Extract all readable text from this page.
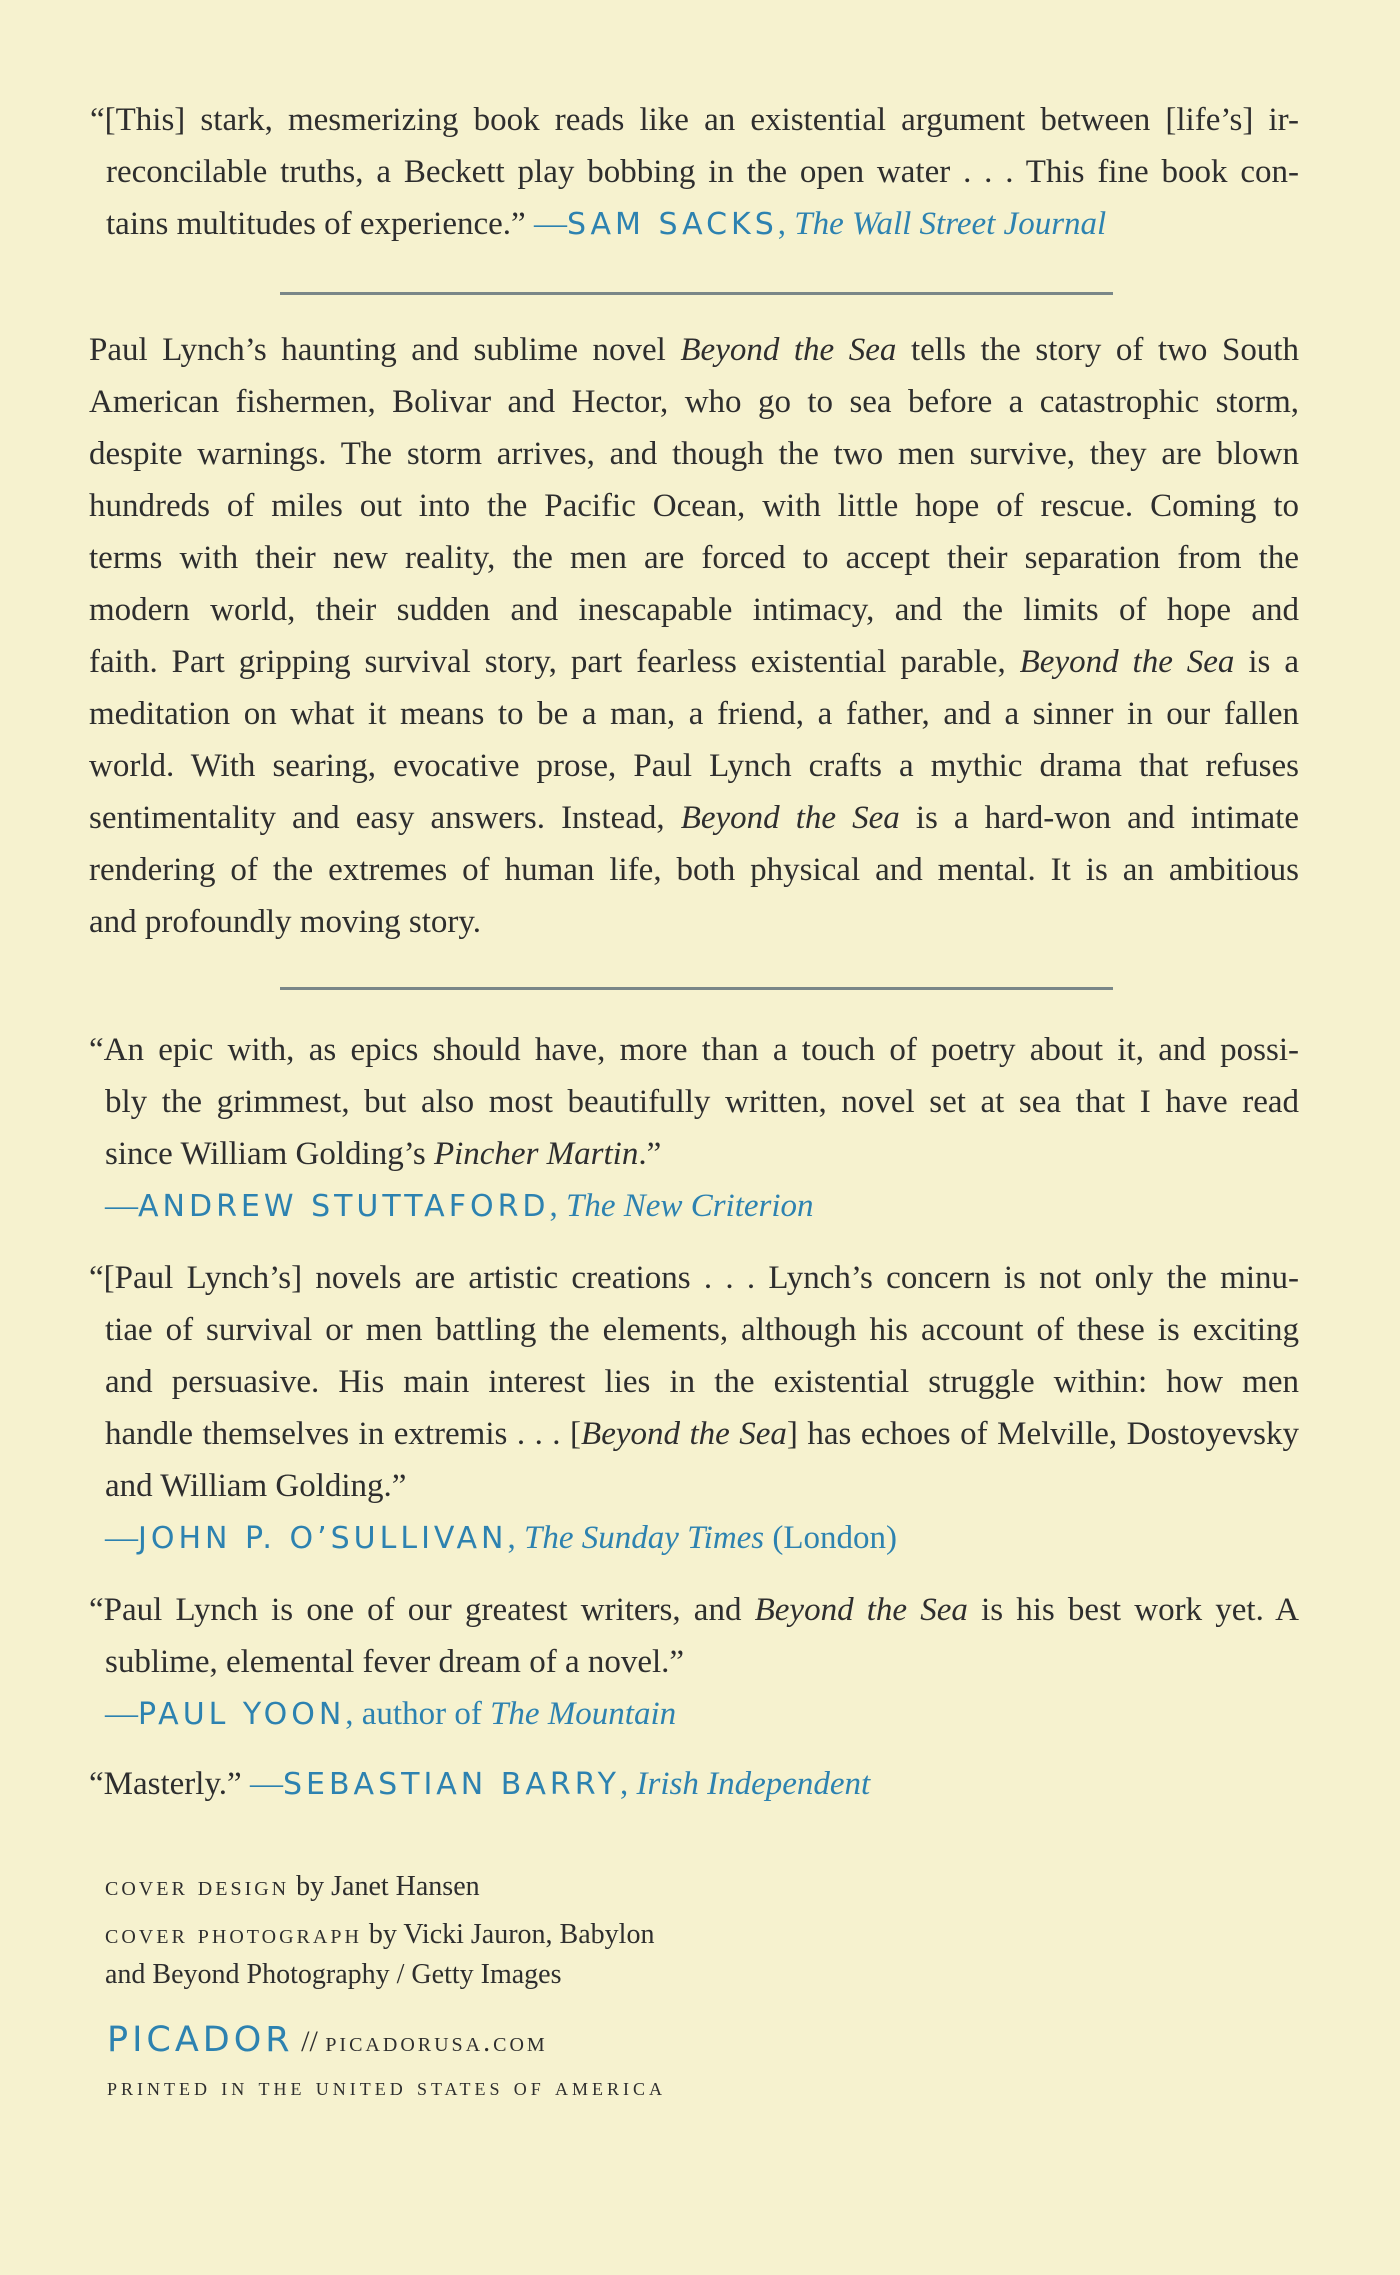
“[This] stark, mesmerizing book reads like an existential argument between [life’s] ir-
reconcilable truths, a Beckett play bobbing in the open water . . . This fine book con-
tains multitudes of experience.” —SAM SACKS, The Wall Street Journal
Paul Lynch’s haunting and sublime novel Beyond the Sea tells the story of two South
American fishermen, Bolivar and Hector, who go to sea before a catastrophic storm,
despite warnings. The storm arrives, and though the two men survive, they are blown
hundreds of miles out into the Pacific Ocean, with little hope of rescue. Coming to
terms with their new reality, the men are forced to accept their separation from the
modern world, their sudden and inescapable intimacy, and the limits of hope and
faith. Part gripping survival story, part fearless existential parable, Beyond the Sea is a
meditation on what it means to be a man, a friend, a father, and a sinner in our fallen
world. With searing, evocative prose, Paul Lynch crafts a mythic drama that refuses
sentimentality and easy answers. Instead, Beyond the Sea is a hard-won and intimate
rendering of the extremes of human life, both physical and mental. It is an ambitious
and profoundly moving story.
“An epic with, as epics should have, more than a touch of poetry about it, and possi-
bly the grimmest, but also most beautifully written, novel set at sea that I have read
since William Golding’s Pincher Martin.”
—ANDREW STUTTAFORD, The New Criterion
“[Paul Lynch’s] novels are artistic creations . . . Lynch’s concern is not only the minu-
tiae of survival or men battling the elements, although his account of these is exciting
and persuasive. His main interest lies in the existential struggle within: how men
handle themselves in extremis . . . [Beyond the Sea] has echoes of Melville, Dostoyevsky
and William Golding.”
—JOHN P. O’SULLIVAN, The Sunday Times (London)
“Paul Lynch is one of our greatest writers, and Beyond the Sea is his best work yet. A
sublime, elemental fever dream of a novel.”
—PAUL YOON, author of The Mountain
“Masterly.” —SEBASTIAN BARRY, Irish Independent
cover design by Janet Hansen
cover photograph by Vicki Jauron, Babylon
and Beyond Photography / Getty Images
PICADOR // picadorusa.com
printed in the united states of america
